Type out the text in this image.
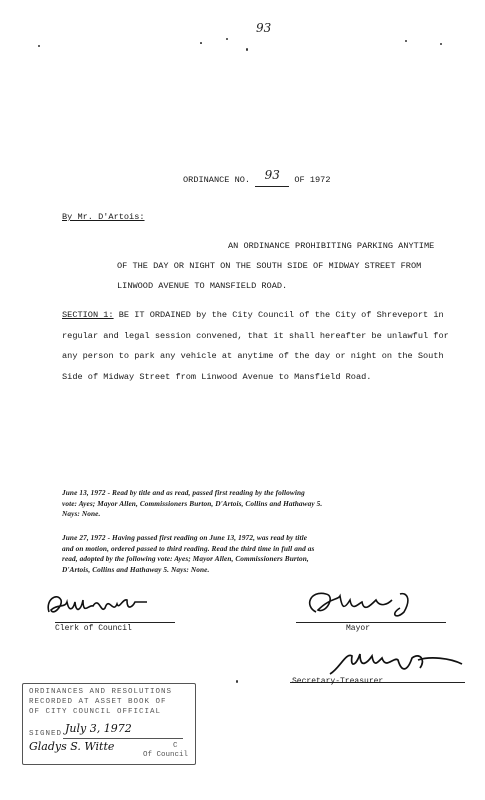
93
ORDINANCE NO. 93 OF 1972
By Mr. D'Artois:
AN ORDINANCE PROHIBITING PARKING ANYTIME
OF THE DAY OR NIGHT ON THE SOUTH SIDE OF MIDWAY STREET FROM
LINWOOD AVENUE TO MANSFIELD ROAD.
SECTION 1: BE IT ORDAINED by the City Council of the City of Shreveport in
regular and legal session convened, that it shall hereafter be unlawful for
any person to park any vehicle at anytime of the day or night on the South
Side of Midway Street from Linwood Avenue to Mansfield Road.
June 13, 1972 - Read by title and as read, passed first reading by the following
vote: Ayes; Mayor Allen, Commissioners Burton, D'Artois, Collins and Hathaway 5.
Nays: None.
June 27, 1972 - Having passed first reading on June 13, 1972, was read by title
and on motion, ordered passed to third reading. Read the third time in full and as
read, adopted by the following vote: Ayes; Mayor Allen, Commissioners Burton,
D'Artois, Collins and Hathaway 5. Nays: None.
Clerk of Council	Mayor
Secretary-Treasurer
ORDINANCES AND RESOLUTIONS
RECORDED AT ASSET BOOK OF
OF CITY COUNCIL OFFICIAL
SIGNED July 3, 1972
Gladys S. Witte	C
Of Council
